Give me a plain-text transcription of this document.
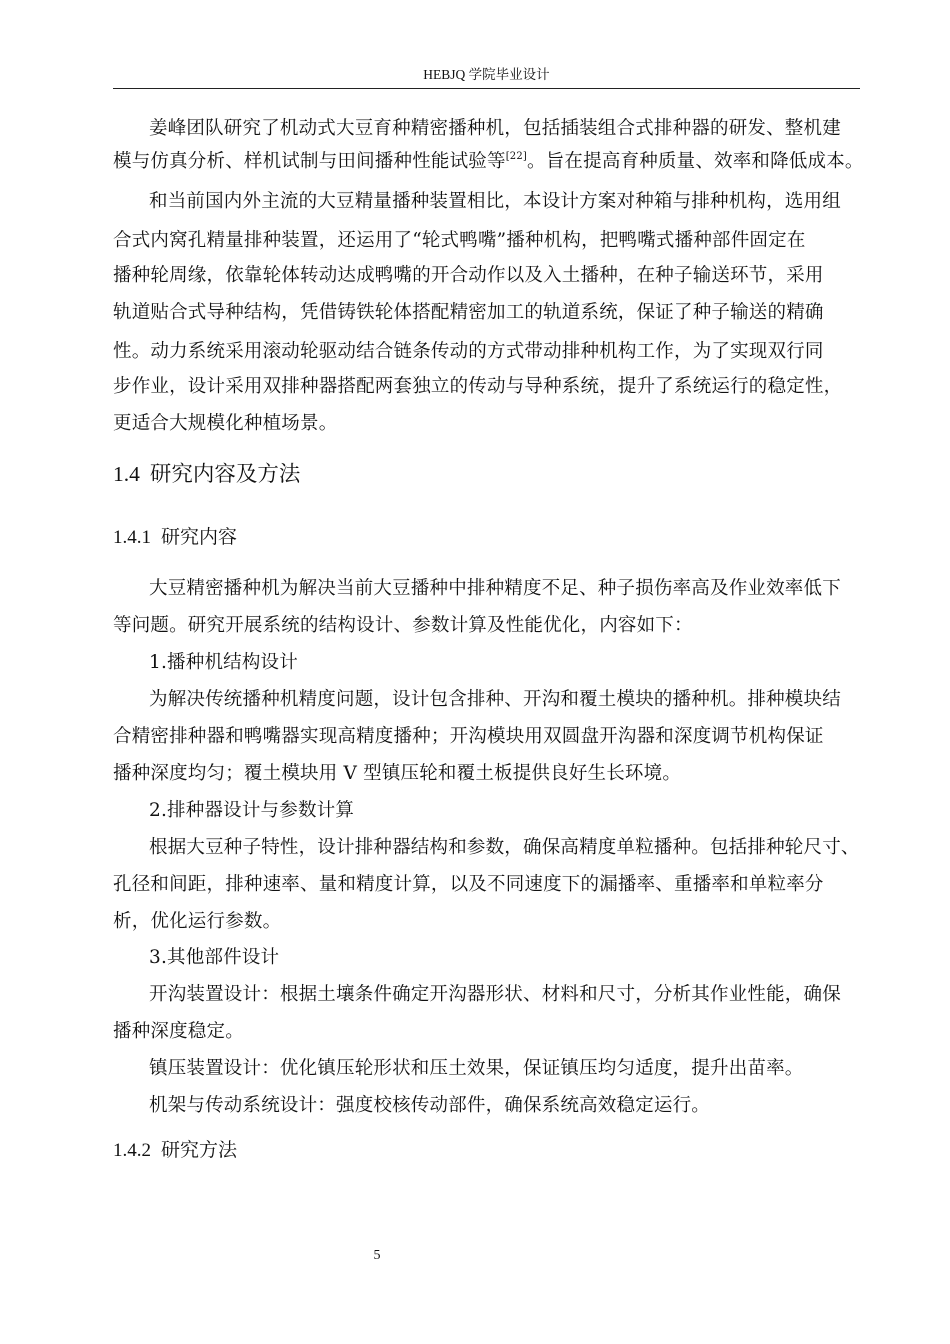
HEBJQ 学院毕业设计
姜峰团队研究了机动式大豆育种精密播种机，包括插装组合式排种器的研发、整机建
模与仿真分析、样机试制与田间播种性能试验等[22]。旨在提高育种质量、效率和降低成本。
和当前国内外主流的大豆精量播种装置相比，本设计方案对种箱与排种机构，选用组
合式内窝孔精量排种装置，还运用了“轮式鸭嘴”播种机构，把鸭嘴式播种部件固定在
播种轮周缘，依靠轮体转动达成鸭嘴的开合动作以及入土播种，在种子输送环节，采用
轨道贴合式导种结构，凭借铸铁轮体搭配精密加工的轨道系统，保证了种子输送的精确
性。动力系统采用滚动轮驱动结合链条传动的方式带动排种机构工作，为了实现双行同
步作业，设计采用双排种器搭配两套独立的传动与导种系统，提升了系统运行的稳定性，
更适合大规模化种植场景。
1.4 研究内容及方法
1.4.1 研究内容
大豆精密播种机为解决当前大豆播种中排种精度不足、种子损伤率高及作业效率低下
等问题。研究开展系统的结构设计、参数计算及性能优化，内容如下：
1.播种机结构设计
为解决传统播种机精度问题，设计包含排种、开沟和覆土模块的播种机。排种模块结
合精密排种器和鸭嘴器实现高精度播种；开沟模块用双圆盘开沟器和深度调节机构保证
播种深度均匀；覆土模块用 V 型镇压轮和覆土板提供良好生长环境。
2.排种器设计与参数计算
根据大豆种子特性，设计排种器结构和参数，确保高精度单粒播种。包括排种轮尺寸、
孔径和间距，排种速率、量和精度计算，以及不同速度下的漏播率、重播率和单粒率分
析，优化运行参数。
3.其他部件设计
开沟装置设计：根据土壤条件确定开沟器形状、材料和尺寸，分析其作业性能，确保
播种深度稳定。
镇压装置设计：优化镇压轮形状和压土效果，保证镇压均匀适度，提升出苗率。
机架与传动系统设计：强度校核传动部件，确保系统高效稳定运行。
1.4.2 研究方法
5
